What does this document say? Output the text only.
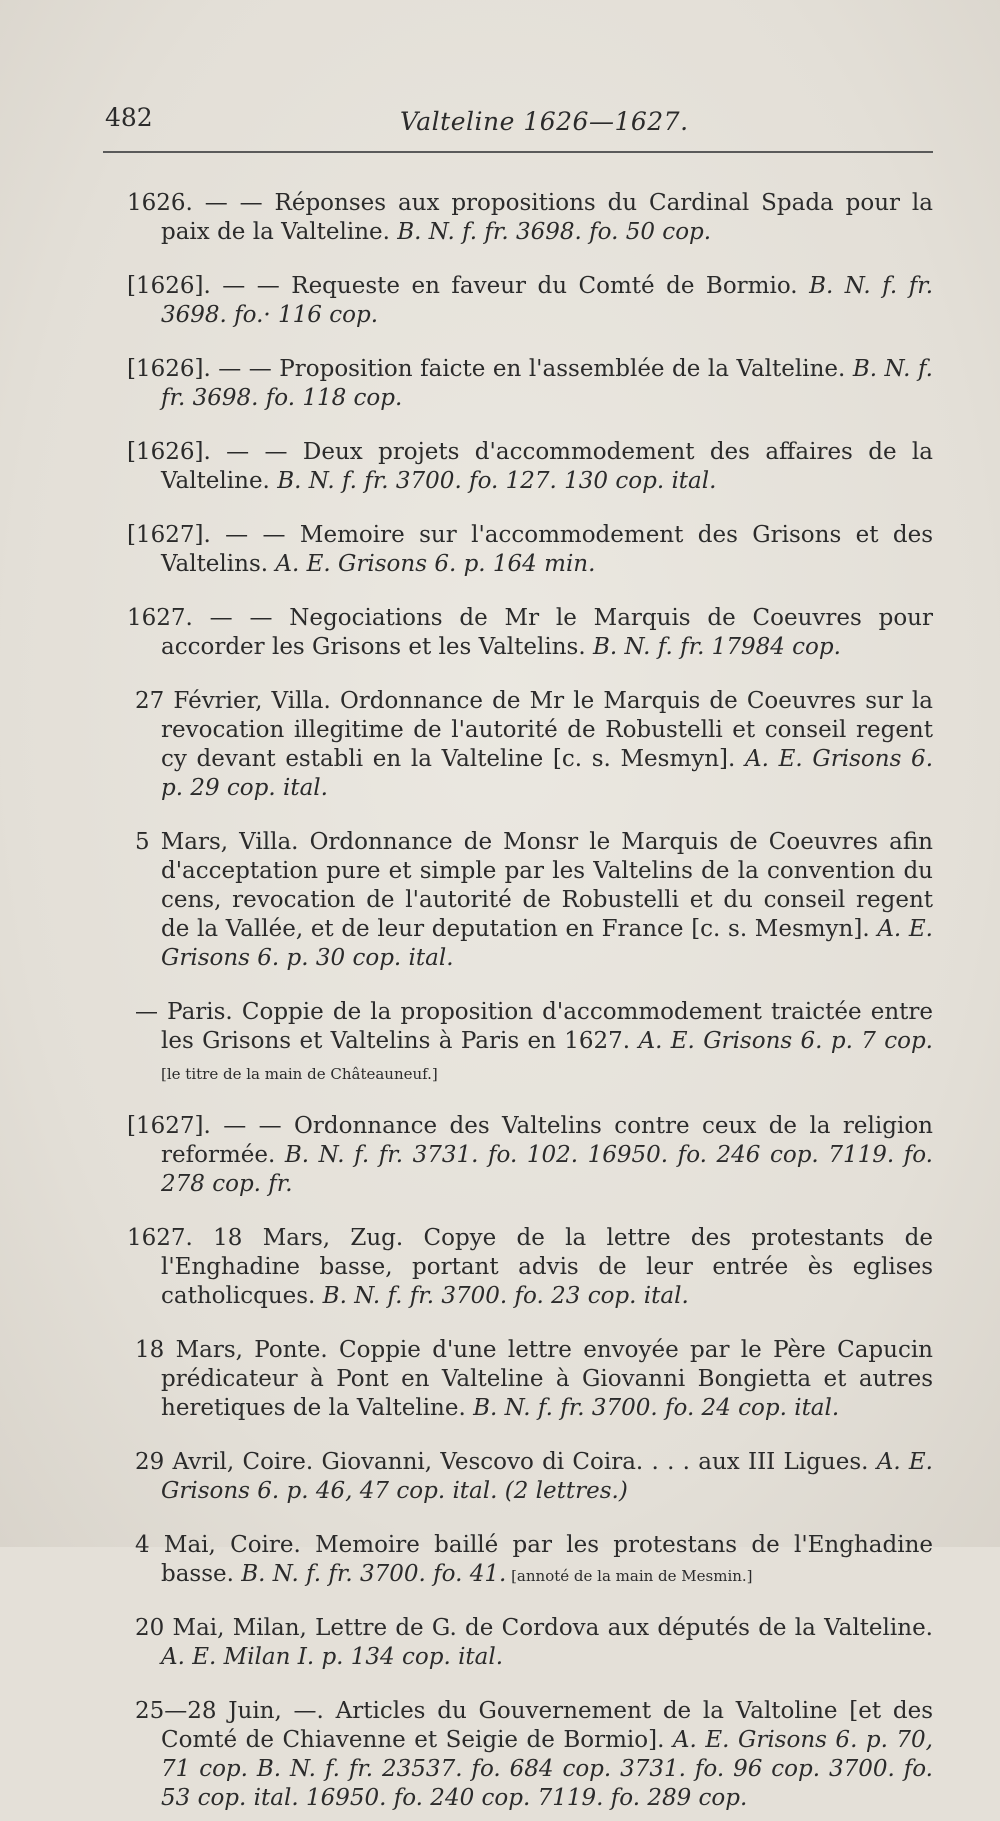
482	Valteline 1626—1627.

1626. — — Réponses aux propositions du Cardinal Spada pour la paix de la Valteline. B. N. f. fr. 3698. fo. 50 cop.

[1626]. — — Requeste en faveur du Comté de Bormio. B. N. f. fr. 3698. fo.· 116 cop.

[1626]. — — Proposition faicte en l'assemblée de la Valteline. B. N. f. fr. 3698. fo. 118 cop.

[1626]. — — Deux projets d'accommodement des affaires de la Valteline. B. N. f. fr. 3700. fo. 127. 130 cop. ital.

[1627]. — — Memoire sur l'accommodement des Grisons et des Valtelins. A. E. Grisons 6. p. 164 min.

1627. — — Negociations de Mr le Marquis de Coeuvres pour accorder les Grisons et les Valtelins. B. N. f. fr. 17984 cop.

27 Février, Villa. Ordonnance de Mr le Marquis de Coeuvres sur la revocation illegitime de l'autorité de Robustelli et conseil regent cy devant establi en la Valteline [c. s. Mesmyn]. A. E. Grisons 6. p. 29 cop. ital.

5 Mars, Villa. Ordonnance de Monsr le Marquis de Coeuvres afin d'acceptation pure et simple par les Valtelins de la convention du cens, revocation de l'autorité de Robustelli et du conseil regent de la Vallée, et de leur deputation en France [c. s. Mesmyn]. A. E. Grisons 6. p. 30 cop. ital.

— Paris. Coppie de la proposition d'accommodement traictée entre les Grisons et Valtelins à Paris en 1627. A. E. Grisons 6. p. 7 cop. [le titre de la main de Châteauneuf.]

[1627]. — — Ordonnance des Valtelins contre ceux de la religion reformée. B. N. f. fr. 3731. fo. 102. 16950. fo. 246 cop. 7119. fo. 278 cop. fr.

1627. 18 Mars, Zug. Copye de la lettre des protestants de l'Enghadine basse, portant advis de leur entrée ès eglises catholicques. B. N. f. fr. 3700. fo. 23 cop. ital.

18 Mars, Ponte. Coppie d'une lettre envoyée par le Père Capucin prédicateur à Pont en Valteline à Giovanni Bongietta et autres heretiques de la Valteline. B. N. f. fr. 3700. fo. 24 cop. ital.

29 Avril, Coire. Giovanni, Vescovo di Coira. . . . aux III Ligues. A. E. Grisons 6. p. 46, 47 cop. ital. (2 lettres.)

4 Mai, Coire. Memoire baillé par les protestans de l'Enghadine basse. B. N. f. fr. 3700. fo. 41. [annoté de la main de Mesmin.]

20 Mai, Milan, Lettre de G. de Cordova aux députés de la Valteline. A. E. Milan I. p. 134 cop. ital.

25—28 Juin, —. Articles du Gouvernement de la Valtoline [et des Comté de Chiavenne et Seigie de Bormio]. A. E. Grisons 6. p. 70, 71 cop. B. N. f. fr. 23537. fo. 684 cop. 3731. fo. 96 cop. 3700. fo. 53 cop. ital. 16950. fo. 240 cop. 7119. fo. 289 cop.
